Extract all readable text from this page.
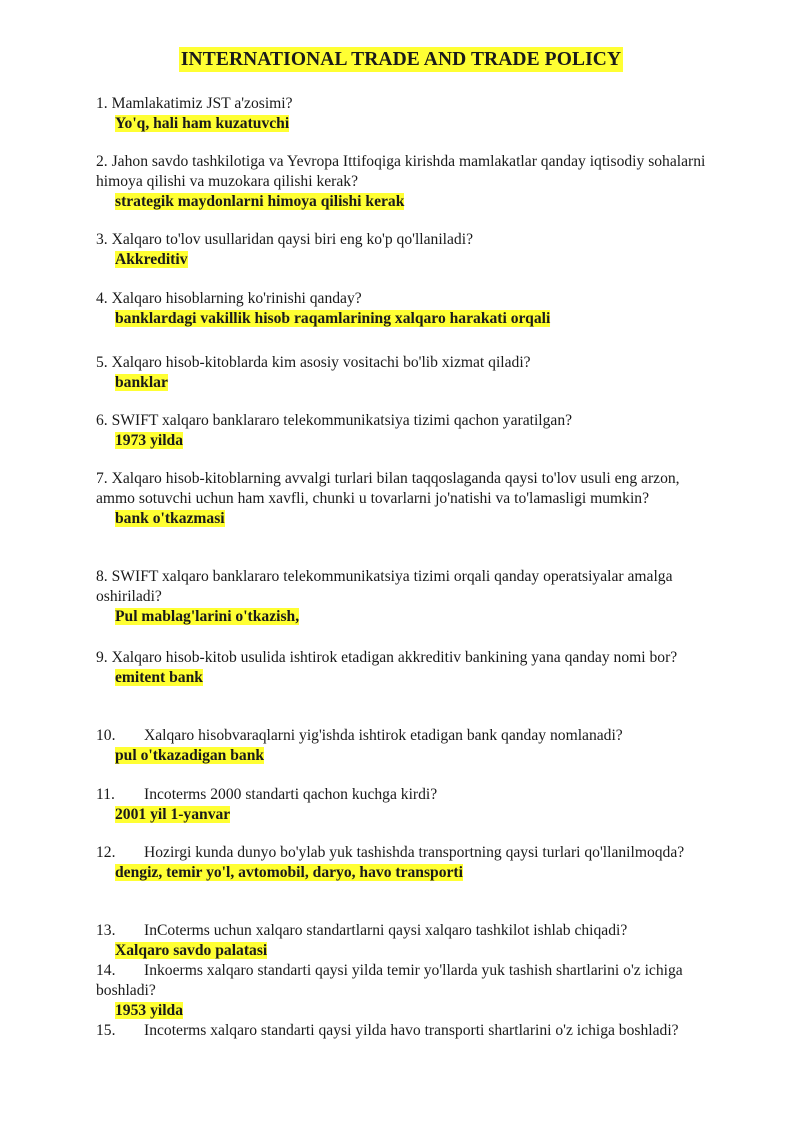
INTERNATIONAL TRADE AND TRADE POLICY

1. Mamlakatimiz JST a'zosimi?

Yo'q, hali ham kuzatuvchi

2. Jahon savdo tashkilotiga va Yevropa Ittifoqiga kirishda mamlakatlar qanday iqtisodiy sohalarni himoya qilishi va muzokara qilishi kerak?

strategik maydonlarni himoya qilishi kerak

3. Xalqaro to'lov usullaridan qaysi biri eng ko'p qo'llaniladi?

Akkreditiv

4. Xalqaro hisoblarning ko'rinishi qanday?

banklardagi vakillik hisob raqamlarining xalqaro harakati orqali

5. Xalqaro hisob-kitoblarda kim asosiy vositachi bo'lib xizmat qiladi?

banklar

6. SWIFT xalqaro banklararo telekommunikatsiya tizimi qachon yaratilgan?

1973 yilda

7. Xalqaro hisob-kitoblarning avvalgi turlari bilan taqqoslaganda qaysi to'lov usuli eng arzon, ammo sotuvchi uchun ham xavfli, chunki u tovarlarni jo'natishi va to'lamasligi mumkin?

bank o'tkazmasi

8. SWIFT xalqaro banklararo telekommunikatsiya tizimi orqali qanday operatsiyalar amalga oshiriladi?

Pul mablag'larini o'tkazish,

9. Xalqaro hisob-kitob usulida ishtirok etadigan akkreditiv bankining yana qanday nomi bor?

emitent bank

10. Xalqaro hisobvaraqlarni yig'ishda ishtirok etadigan bank qanday nomlanadi?

pul o'tkazadigan bank

11. Incoterms 2000 standarti qachon kuchga kirdi?

2001 yil 1-yanvar

12. Hozirgi kunda dunyo bo'ylab yuk tashishda transportning qaysi turlari qo'llanilmoqda?

dengiz, temir yo'l, avtomobil, daryo, havo transporti

13. InCoterms uchun xalqaro standartlarni qaysi xalqaro tashkilot ishlab chiqadi?

Xalqaro savdo palatasi

14. Inkoerms xalqaro standarti qaysi yilda temir yo'llarda yuk tashish shartlarini o'z ichiga boshladi?

1953 yilda

15. Incoterms xalqaro standarti qaysi yilda havo transporti shartlarini o'z ichiga boshladi?
